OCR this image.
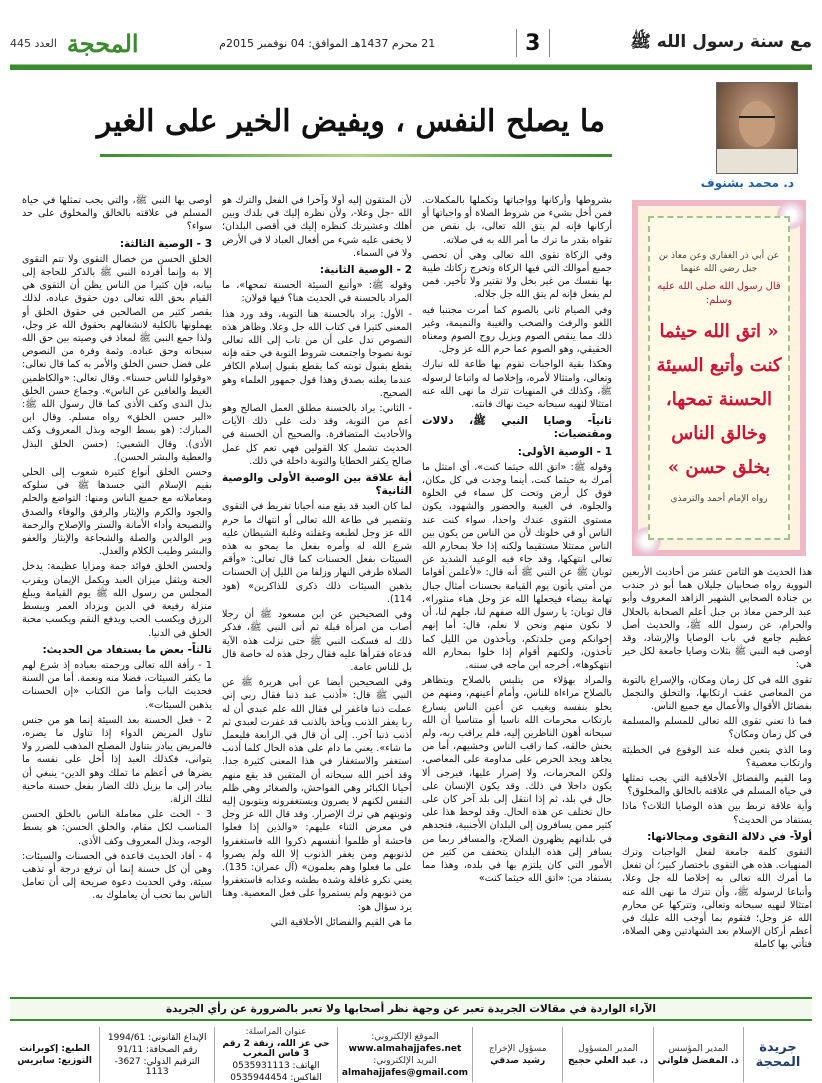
مع سنة رسول الله ﷺ
3
21 محرم 1437هـ الموافق: 04 نوفمبر 2015م
المحجة
العدد 445
د. محمد بشنوف
ما يصلح النفس ، ويفيض الخير على الغير
عن أبي ذر الغفاري وعن معاذ بن جبل رضي الله عنهما
قال رسول الله صلى الله عليه وسلم:
« اتق الله حيثما كنت وأتبع السيئة الحسنة تمحها، وخالق الناس بخلق حسن »
رواه الإمام أحمد والترمذي

هذا الحديث هو الثامن عشر من أحاديث الأربعين النووية رواه صحابيان جليلان هما أبو ذر جندب بن جنادة الصحابي الشهير الزاهد المعروف وأبو عبد الرحمن معاذ بن جبل أعلم الصحابة بالحلال والحرام، عن رسول الله ﷺ، والحديث أصل عظيم جامع في باب الوصايا والإرشاد، وقد أوصى فيه النبي ﷺ بثلاث وصايا جامعة لكل خير هي:

تقوى الله في كل زمان ومكان، والإسراع بالتوبة من المعاصي عقب ارتكابها، والتخلق والتجمل بفضائل الأقوال والأعمال مع جميع الناس.

فما ذا تعني تقوى الله تعالى للمسلم والمسلمة في كل زمان ومكان؟

وما الذي يتعين فعله عند الوقوع في الخطيئة وارتكاب معصية؟

وما القيم والفضائل الأخلاقية التي يجب تمثلها في حياة المسلم في علاقته بالخالق والمخلوق؟

وأية علاقة تربط بين هذه الوصايا الثلاث؟ ماذا يستفاد من الحديث؟

أولاً- في دلالة التقوى ومجالاتها:

التقوى كلمة جامعة لفعل الواجبات وترك المنهيات. هذه هي التقوى باختصار كبير؛ أن تفعل ما أمرك الله تعالى به إخلاصا لله جل وعلا، وأتباعا لرسوله ﷺ، وأن تترك ما نهى الله عنه امتثالا لنهيه سبحانه وتعالى، وتتركها عن محارم الله عز وجل؛ فتقوم بما أوجب الله عليك في أعظم أركان الإسلام بعد الشهادتين وهي الصلاة، فتأتي بها كاملة

بشروطها وأركانها وواجباتها وتكملها بالمكملات. فمن أخل بشيء من شروط الصلاة أو واجباتها أو أركانها فإنه لم يتق الله تعالى، بل نقص من تقواه بقدر ما ترك ما أمر الله به في صلاته.

وفي الزكاة تقوى الله تعالى وهي أن تحصي جميع أموالك التي فيها الزكاة وتخرج زكاتك طيبة بها نفسك من غير بخل ولا تقتير ولا تأخير. فمن لم يفعل فإنه لم يتق الله جل جلاله.

وفي الصيام ثاني بالصوم كما أمرت مجتنبا فيه اللغو والرفث والصخب والغيبة والنميمة، وغير ذلك مما ينقص الصوم ويزيل روح الصوم ومعناه الحقيقي، وهو الصوم عما حرم الله عز وجل.

وهكذا بقية الواجبات تقوم بها طاعة لله تبارك وتعالى، وامتثالا لأمره، وإخلاصا له واتباعا لرسوله ﷺ، وكذلك في المنهيات تترك ما نهى الله عنه امتثالا لنهيه سبحانه حيث نهاك فانته.

ثانياً- وصايا النبي ﷺ، دلالات ومقتضيات:
1 - الوصية الأولى:

وقوله ﷺ: «اتق الله حيثما كنت»، أي امتثل ما أمرك به حيثما كنت، أينما وجدت في كل مكان، فوق كل أرض وتحت كل سماء في الخلوة والجلوة، في الغيبة والحضور والشهود، يكون مستوى التقوى عندك واحدا، سواء كنت عند الناس أو في خلوتك لأن من الناس من يكون بين الناس ممتثلا مستقيما ولكنه إذا خلا بمحارم الله تعالى انتهكها، وقد جاء فيه الوعيد الشديد عن ثوبان ﷺ عن النبي ﷺ أنه قال: «لأعلمن أقواما من أمتي يأتون يوم القيامة بحسنات أمثال جبال تهامة بيضاء فيجعلها الله عز وجل هباء منثورا»، قال ثوبان: يا رسول الله صفهم لنا، جلهم لنا، أن لا نكون منهم ونحن لا نعلم، قال: أما إنهم إخوانكم ومن جلدتكم، ويأخذون من الليل كما تأخذون، ولكنهم أقوام إذا خلوا بمحارم الله انتهكوها»، أخرجه ابن ماجه في سننه.

والمراد بهؤلاء من يتلبس بالصلاح ويتظاهر بالصلاح مراءاة للناس، وأمام أعينهم، ومنهم من يخلو بنفسه ويغيب عن أعين الناس يسارع بارتكاب محرمات الله ناسيا أو متناسيا أن الله سبحانه أهون الناظرين إليه، فلم يراقب ربه، ولم يخش خالقه، كما راقب الناس وخشيهم، أما من يجاهد ويجد الحرص على مداومة على المعاصي، ولكن المحرمات، ولا إصرار عليها، فيرجى ألا يكون داخلا في ذلك. وقد يكون الإنسان على حال في بلد، ثم إذا انتقل إلى بلد آخر كان على حال تختلف عن هذه الحال. وقد لوحظ هذا على كثير ممن يسافرون إلى البلدان الأجنبية، فتجدهم في بلدانهم يظهرون الصلاح، والمسافر ربما من يسافر إلى هذه البلدان يتخفف من كثير من الأمور التي كان يلتزم بها في بلده، وهذا مما يستفاد من: «اتق الله حيثما كنت»

لأن المتقون إليه أولا وآخرا في الفعل والترك هو الله -جل وعلا-، ولأن نظره إليك في بلدك وبين أهلك وعشيرتك كنظره إليك في أقصى البلدان؛ لا يخفى عليه شيء من أفعال العباد لا في الأرض ولا في السماء.

2 - الوصية الثانية:

وقوله ﷺ: «وأتبع السيئة الحسنة تمحها»، ما المراد بالحسنة في الحديث هنا؟ فيها قولان:

- الأول: يراد بالحسنة هنا التوبة، وقد ورد هذا المعنى كثيرا في كتاب الله جل وعلا. وظاهر هذه النصوص تدل على أن من تاب إلى الله تعالى توبة نصوحا واجتمعت شروط التوبة في حقه فإنه يقطع بقبول توبته كما يقطع بقبول إسلام الكافر عندما يعلنه بصدق وهذا قول جمهور العلماء وهو الصحيح.

- الثاني: يراد بالحسنة مطلق العمل الصالح وهو أعم من التوبة، وقد دلت على ذلك الآيات والأحاديث المتضافرة. والصحيح أن الحسنة في الحديث تشمل كلا القولين فهي تعم كل عمل صالح يكفر الخطايا والتوبة داخلة في ذلك.

أية علاقة بين الوصية الأولى والوصية الثانية؟

لما كان العبد قد يقع منه أحيانا تفريط في التقوى وتقصير في طاعة الله تعالى أو انتهاك ما حرم الله عز وجل لطبعه وغفلته وغلبة الشيطان عليه شرع الله له وأمره بفعل ما يمحو به هذه السيئات بفعل الحسنات كما قال تعالى: «وأقم الصلاة طرفي النهار وزلفا من الليل إن الحسنات يذهبن السيئات ذلك ذكرى للذاكرين» (هود 114).

وفي الصحيحين عن ابن مسعود ﷺ أن رجلا أصاب من امرأة قبلة ثم أتى النبي ﷺ، فذكر ذلك له فسكت النبي ﷺ حتى نزلت هذه الآية فدعاه فقرأها عليه فقال رجل هذه له خاصة قال بل للناس عامة.

وفي الصحيحين أيضا عن أبي هريرة ﷺ عن النبي ﷺ قال: «أذنب عبد ذنبا فقال ربي إني عملت ذنبا فاغفر لي فقال الله علم عبدي أن له ربا يغفر الذنب ويأخذ بالذنب قد غفرت لعبدي ثم أذنب ذنبا آخر.. إلى أن قال في الرابعة فليعمل ما شاء». يعني ما دام على هذه الحال كلما أذنب استغفر والاستغفار في هذا المعنى كثيرة جدا. وقد أخبر الله سبحانه أن المتقين قد يقع منهم أحيانا الكبائر وهي الفواحش، والصغائر وهي ظلم النفس لكنهم لا يصرون ويستغفرونه ويتوبون إليه وتوبتهم هي ترك الإصرار. وقد قال الله عز وجل في معرض الثناء عليهم: «والذين إذا فعلوا فاحشة أو ظلموا أنفسهم ذكروا الله فاستغفروا لذنوبهم ومن يغفر الذنوب إلا الله ولم يصروا على ما فعلوا وهم يعلمون» (آل عمران: 135). يعني تكرو غافلة وشدة بطشه وعذابه فاستغفروا من ذنوبهم ولم يستمروا على فعل المعصية. وهنا يرد سؤال هو:

ما هي القيم والفضائل الأخلاقية التي

أوصى بها النبي ﷺ، والتي يجب تمثلها في حياة المسلم في علاقته بالخالق والمخلوق على حد سواء؟

3 - الوصية الثالثة:

الخلق الحسن من خصال التقوى ولا تتم التقوى إلا به وإنما أفرده النبي ﷺ بالذكر للحاجة إلى بيانه، فإن كثيرا من الناس يظن أن التقوى هي القيام بحق الله تعالى دون حقوق عباده، لذلك يقصر كثير من الصالحين في حقوق الخلق أو يهملونها بالكلية لانشغالهم بحقوق الله عز وجل، ولذا جمع النبي ﷺ لمعاذ في وصيته بين حق الله سبحانه وحق عباده. وثمة وفرة من النصوص على فضل حسن الخلق والأمر به كما قال تعالى: «وقولوا للناس حسنا». وقال تعالى: «والكاظمين الغيظ والعافين عن الناس». وجماع حسن الخلق بذل الندى وكف الأذى كما قال رسول الله ﷺ: «البر حسن الخلق» رواه مسلم. وقال ابن المبارك: (هو بسط الوجه وبذل المعروف وكف الأذى). وقال الشعبي: (حسن الخلق البذل والعطية والبشر الحسن).

وحسن الخلق أنواع كثيرة شعوب إلى الحلي بقيم الإسلام التي جسدها ﷺ في سلوكه ومعاملاته مع جميع الناس ومنها: التواضع والحلم والجود والكرم والإيثار والرفق والوفاء والصدق والنصيحة وأداء الأمانة والستر والإصلاح والرحمة وبر الوالدين والصلة والشجاعة والإيثار والعفو والبشر وطيب الكلام والعدل.

ولحسن الخلق فوائد جمة ومزايا عظيمة: يدخل الجنة ويثقل ميزان العبد ويكمل الإيمان ويقرب المجلس من رسول الله ﷺ يوم القيامة ويبلغ منزلة رفيعة في الدين ويزداد العمر ويبسط الرزق ويكسب الحب ويدفع النقم ويكسب محبة الخلق في الدنيا.

ثالثاً- بعض ما يستفاد من الحديث:

1 - رأفة الله تعالى ورحمته بعباده إذ شرع لهم ما يكفر السيئات، فضلا منه ونعمة. أما من السنة فحديث الباب وأما من الكتاب «إن الحسنات يذهبن السيئات».

2 - فعل الحسنة بعد السيئة إنما هو من جنس تناول المريض الدواء إذا تناول ما يضره، فالمريض يبادر بتناول المصلح المذهب للضرر ولا يتوانى، فكذلك العبد إذا أخل على نفسه ما يضرها في أعظم ما تملك وهو الدين- ينبغي أن يبادر إلى ما يزيل ذلك الضار بفعل حسنة ماحية لتلك الزلة.

3 - الحث على معاملة الناس بالخلق الحسن المناسب لكل مقام، والخلق الحسن: هو بسط الوجه، وبذل المعروف وكف الأذى.

4 - أفاد الحديث قاعدة في الحسنات والسيئات: وهي أن كل حسنة إنما أن ترفع درجة أو تذهب سيئة، وفي الحديث دعوة صريحة إلى أن تعامل الناس بما تحب أن يعاملوك به.

الآراء الواردة في مقالات الجريدة تعبر عن وجهة نظر أصحابها ولا تعبر بالضرورة عن رأي الجريدة
جريدة المحجة
المدير المؤسس
ذ. المفضل فلواتي
المدير المسؤول
د. عبد العلي حجيج
مسؤول الإخراج
رشيد صدقي
الموقع الإلكتروني:
www.almahajjafes.net
البريد الإلكتروني:
almahajjafes@gmail.com
عنوان المراسلة:
حي عز الله، زنقة 2 رقم 3 فاس المغرب
الهاتف: 0535931113
الفاكس: 0535944454
الإيداع القانوني: 1994/61
رقم الصحافة: 91/11
الترقيم الدولي: 3627-1113
الطبع: إكوبرانت
التوزيع: سابريس
